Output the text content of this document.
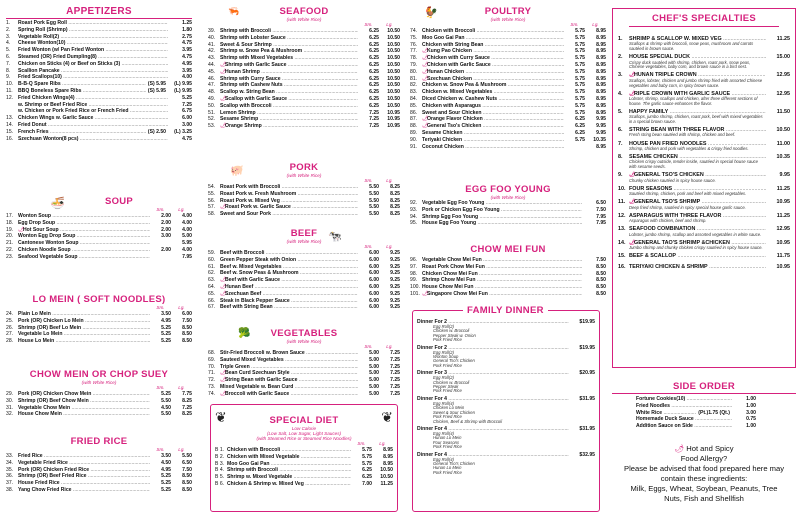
APPETIZERS
1.	Roast Pork Egg Roll .....	1.25
2.	Spring Roll (Shrimp) .....	1.80
3.	Vegetable Roll(2) .....	2.75
4.	Cheese Wonton(10) .....	4.75
5.	Fried Wonton (w/ Pan Fried Wonton .....	3.95
6.	Steamed (OR) Fried Dumpling(8) .....	4.75
7.	Chicken on Sticks (4) or Beef on Sticks (3) .....	4.95
8.	Scallion Pancake .....	3.95
9.	Fried Scallops(10) .....	4.00
10. B-B-Q Spare Ribs .....	(S) 5.95	(L) 9.95
11.	BBQ Boneless Spare Ribs .....	(S) 5.95	(L) 9.95
12. Fried Chicken Wings(4) .....	5.25
w. Shrimp or Beef Fried Rice .....	7.25
w. Chicken or Pork Fried Rice or French Fried .....	6.75
13. Chicken Wings w. Garlic Sauce .....	6.00
14. Fried Donut .....	3.00
15. French Fries .....	(S) 2.50	(L) 3.25
16. Szechuan Wonton(8 pcs) .....	4.75
🍜	SOUP
Sm.	Lg.
17. Wonton Soup .....	2.00	4.00
18. Egg Drop Soup .....	2.00	4.00
19. 🌶
Hot Sour Soup .....	2.00	4.00
20. Wonton Egg Drop Soup .....	3.00	5.00
21. Cantonese Wonton Soup .....	5.95
22. Chicken Noodle Soup .....	2.00	4.00
23. Seafood Vegetable Soup .....	7.95
LO MEIN ( SOFT NOODLES)
Sm.	Lg.
24. Plain Lo Mein .....	3.50	6.00
25. Pork (OR) Chicken Lo Mein .....	4.95	7.50
26. Shrimp (OR) Beef Lo Mein .....	5.25	8.50
27. Vegetable Lo Mein .....	5.25	8.50
28. House Lo Mein .....	5.25	8.50
CHOW MEIN OR CHOP SUEY
(with White Rice)
Sm.	Lg.
29. Pork (OR) Chicken Chow Mein .....	5.25	7.75
30. Shrimp (OR) Beef Chow Mein .....	5.50	8.25
31. Vegetable Chow Mein .....	4.50	7.25
32. House Chow Mein .....	5.50	8.25
FRIED RICE
Sm.	Lg.
33. Fried Rice .....	3.50	5.50
34. Vegetable Fried Rice .....	4.50	6.50
35. Pork (OR) Chicken Fried Rice .....	4.95	7.50
36. Shrimp (OR) Beef Fried Rice .....	5.25	8.50
37. House Fried Rice .....	5.25	8.50
38. Yang Chow Fried Rice .....	5.25	8.50
🦐	SEAFOOD
(with White Rice)
Sm.	Lg.
39. Shrimp with Broccoli .....	6.25	10.50
40. Shrimp with Lobster Sauce .....	6.25	10.50
41. Sweet & Sour Shrimp .....	6.25	10.50
42. Shrimp w. Snow Pea & Mushroom .....	6.25	10.50
43. Shrimp with Mixed Vegetables .....	6.25	10.50
44. 🌶
Shrimp with Garlic Sauce .....	6.25	10.50
45. 🌶
Hunan Shrimp .....	6.25	10.50
46. Shrimp with Curry Sauce .....	6.25	10.50
47. Shrimp with Cashew Nuts .....	6.25	10.50
48. Scallop w. String Bean .....	6.25	10.50
49. 🌶
Scallop with Garlic Sauce .....	6.25	10.50
50. Scallop with Broccoli .....	6.25	10.50
51. Lemon Shrimp .....	7.25	10.95
52. Sesame Shrimp .....	7.25	10.95
53. 🌶
Orange Shrimp .....	7.25	10.95
🐖	PORK
(with White Rice)
Sm.	Lg.
54. Roast Pork with Broccoli .....	5.50	8.25
55. Roast Pork w. Fresh Mushroom .....	5.50	8.25
56. Roast Pork w. Mixed Veg .....	5.50	8.25
57. 🌶
Roast Pork w. Garlic Sauce .....	5.50	8.25
58. Sweet and Sour Pork .....	5.50	8.25
🐄
BEEF
(with White Rice)
Sm.	Lg.
59. Beef with Broccoli .....	6.00	9.25
60. Green Pepper Steak with Onion .....	6.00	9.25
61. Beef w. Mixed Vegetables .....	6.00	9.25
62. Beef w. Snow Peas & Mushroom .....	6.00	9.25
63. 🌶
Beef with Garlic Sauce .....	6.00	9.25
64. 🌶
Hunan Beef .....	6.00	9.25
65. 🌶
Szechuan Beef .....	6.00	9.25
66. Steak in Black Pepper Sauce .....	6.00	9.25
67. Beef with String Bean .....	6.00	9.25
🥦	VEGETABLES
(with White Rice)
Sm.	Lg.
68. Stir-Fried Broccoli w. Brown Sauce .....	5.00	7.25
69. Sauteed Mixed Vegetables .....	5.00	7.25
70. Triple Green .....	5.00	7.25
71. 🌶
Bean Curd Szechuan Style .....	5.00	7.25
72. 🌶
String Bean with Garlic Sauce .....	5.00	7.25
73. Mixed Vegetable w. Bean Curd .....	5.00	7.25
74. 🌶
Broccoli with Garlic Sauce .....	5.00	7.25
❦	❦
SPECIAL DIET
Low Calorie
(Low Salt, Low Sugar, Light Sauces)
(with Steamed Rice or Steamed Rice Noodles)
Sm.	Lg.
B 1. Chicken with Broccoli .....	5.75	8.95
B 2. Chicken with Mixed Vegetable .....	5.75	8.95
B 3. Moo Goo Gai Pan .....	5.75	8.95
B 4. Shrimp with Broccoli .....	6.25	10.50
B 5. Shrimp w. Mixed Vegetable .....	6.25	10.50
B 6. Chicken & Shrimp w. Mixed Veg .....	7.00	11.25
🐓	POULTRY
(with White Rice)
Sm.	Lg.
74. Chicken with Broccoli .....	5.75	8.95
75. Moo Goo Gai Pan .....	5.75	8.95
76. Chicken with String Bean .....	5.75	8.95
77. 🌶
Kung Pao Chicken .....	5.75	8.95
78. 🌶
Chicken with Curry Sauce .....	5.75	8.95
79. 🌶
Chicken with Garlic Sauce .....	5.75	8.95
80. 🌶
Hunan Chicken .....	5.75	8.95
81. 🌶
Szechuan Chicken .....	5.75	8.95
82. Chicken w. Snow Pea & Mushroom .....	5.75	8.95
83. Chicken w. Mixed Vegetables .....	5.75	8.95
84. Diced Chicken w. Cashew Nuts .....	5.75	8.95
85. Chicken with Asparagus .....	5.75	8.95
86. Sweet and Sour Chicken .....	5.75	8.95
87. 🌶
Orange Flavor Chicken .....	6.25	9.95
88. 🌶
General Tso's Chicken .....	6.25	9.95
89. Sesame Chicken .....	6.25	9.95
90. Teriyaki Chicken .....	5.75	10.35
91. Coconut Chicken .....	8.95
EGG FOO YOUNG
(with White Rice)
92. Vegetable Egg Foo Young .....	6.50
93. Pork or Chicken Egg Foo Young .....	7.50
94. Shrimp Egg Foo Young .....	7.95
95. House Egg Foo Young .....	7.95
CHOW MEI FUN
96. Vegetable Chow Mei Fun .....	7.50
97. Roast Pork Chow Mei Fun .....	8.50
98. Chicken Chow Mei Fun .....	8.50
99. Shrimp Chow Mei Fun .....	8.50
100. House Chow Mei Fun .....	8.50
101. 🌶
Singapore Chow Mei Fun .....	8.50
FAMILY DINNER
Dinner For 2 .....	$19.95
Egg Roll(2)
Chicken w. Broccoli
Pepper Steak w. Onion
Pork Fried Rice
Dinner For 2 .....	$19.95
Egg Roll(2)
Wonton Soup
General Tso's Chicken
Pork Fried Rice
Dinner For 3 .....	$20.95
Egg Roll(2)
Chicken w. Broccoli
Pepper Steak
Pork Fried Rice
Dinner For 4 .....	$31.95
Egg Roll(4)
Chicken Lo Mein
Sweet & Sour Chicken
Pork Fried Rice
Chicken, Beef & Shrimp with Broccoli
Dinner For 4 .....	$31.95
Egg Roll(4)
Hunan Lo Mein
Four Seasons
Pork Fried Rice
Dinner For 4 .....	$32.95
Egg Roll(4)
General Tso's Chicken
Hunan Lo Mein
Pork Fried Rice
CHEF'S SPECIALTIES
1.	SHRIMP & SCALLOP W. MIXED VEG .....	11.25
Scallops & shrimp with broccoli, snow peas, mushroom and carrots sautéed in brown sauce.
2.	HOUSE SPECIAL DUCK .....	15.00
Crispy duck sautéed with shrimp, chicken, roast pork, snow peas, Chinese vegetables, baby corn, and brown sauce in a bird nest.
3.	🌶
HUNAN TRIPLE CROWN .....	12.95
Scallops, lobster, chicken and jumbo shrimp fried with assorted Chinese vegetables and baby corn, in spicy brown sauce.
4.	🌶
RIPLE CROWN WITH GARLIC SAUCE .....	12.95
Lobster, shrimp, scallops and chicken, after three different sections of house. The garlic sauce enhances the flavor.
5.	HAPPY FAMILY .....	11.50
Scallops, jumbo shrimp, chicken, roast pork, beef with mixed vegetables in a special brown sauce.
6.	STRING BEAN WITH THREE FLAVOR .....	10.50
Fresh string bean sautéed with shrimp, chicken and beef.
7.	HOUSE PAN FRIED NOODLES .....	11.00
Shrimp, chicken and pork with vegetables & crispy fried noodles.
8.	SESAME CHICKEN .....	10.35
Chicken crispy outside, tender inside, sautéed in special house sauce with sesame seeds.
9.	🌶
GENERAL TSO'S CHICKEN .....	9.95
Chunky chicken sautéed in spicy house sauce.
10. FOUR SEASONS .....	11.25
Sautéed shrimp, chicken, pork and beef with mixed vegetables.
11. 🌶
GENERAL TSO'S SHRIMP .....	10.95
Deep fried shrimp, sautéed in spicy special house garlic sauce.
12. ASPARAGUS WITH THREE FLAVOR .....	11.25
Asparagus with chicken, beef and shrimp.
13. SEAFOOD COMBINATION .....	12.95
Lobster, jumbo shrimp, scallop and assorted vegetables in white sauce.
14. 🌶
GENERAL TAO'S SHRIMP &CHICKEN .....	10.95
Jumbo shrimp and chunky chicken crispy sautéed in spicy house sauce.
15. BEEF & SCALLOP .....	11.75
16. TERIYAKI CHICKEN & SHRIMP .....	10.95
SIDE ORDER
Fortune Cookies(10) .....	1.00
Fried Noodles .....	1.00
White Rice .....	(Pt.)1.75 (Qt.)	3.00
Homemade Duck Sauce .....	0.75
Addition Sauce on Side .....	1.00
🌶 Hot and Spicy
Food Allergy?
Please be advised that food prepared here may
contain these ingredients:
Milk, Eggs, Wheat, Soybean, Peanuts, Tree
Nuts, Fish and Shellfish
